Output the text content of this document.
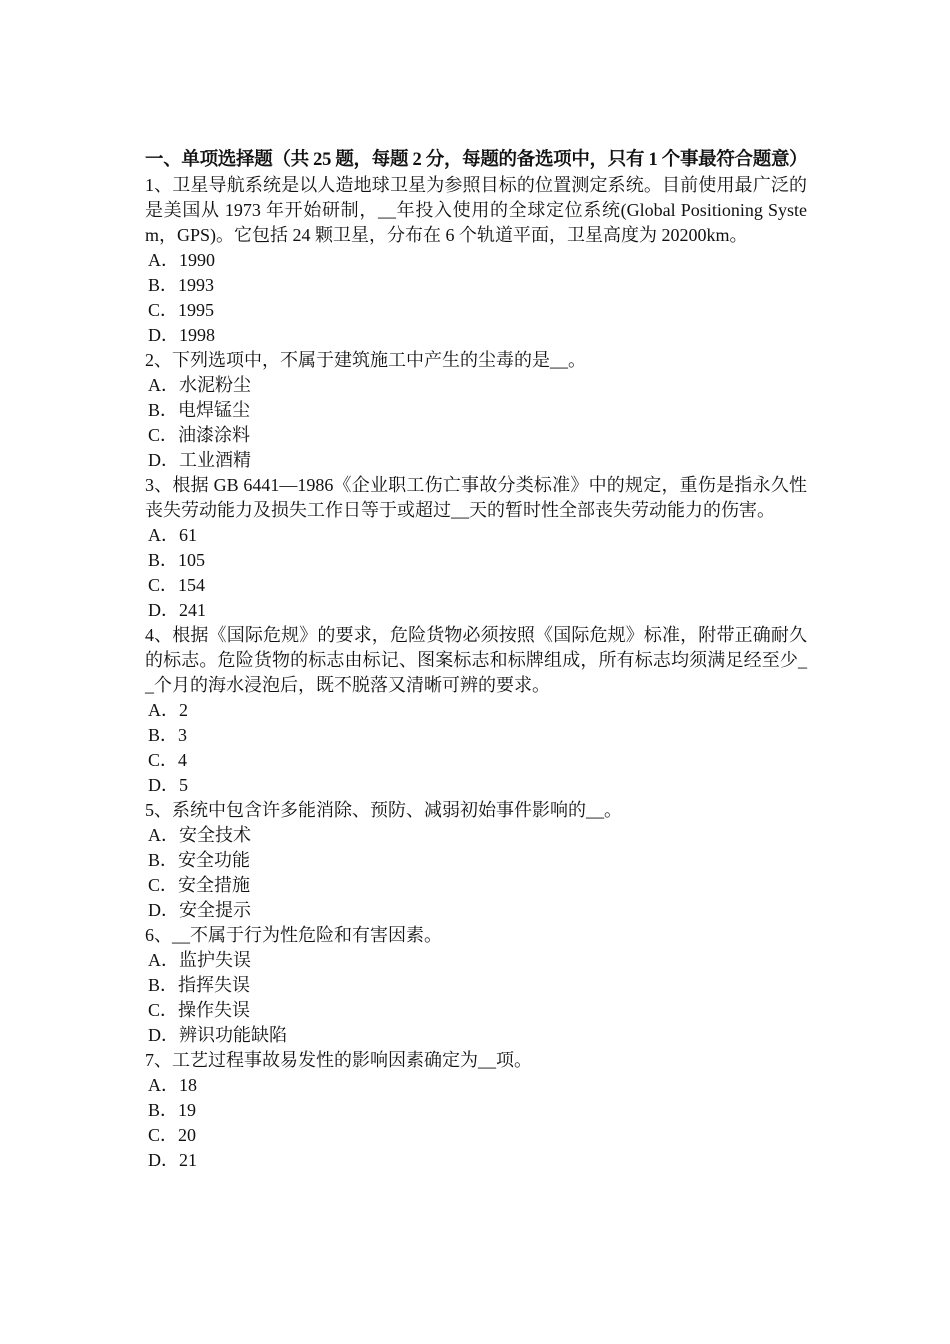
一、单项选择题（共 25 题，每题 2 分，每题的备选项中，只有 1 个事最符合题意）
1、卫星导航系统是以人造地球卫星为参照目标的位置测定系统。目前使用最广泛的是美国从 1973 年开始研制，__年投入使用的全球定位系统(Global Positioning System，GPS)。它包括 24 颗卫星，分布在 6 个轨道平面，卫星高度为 20200km。
A．1990
B．1993
C．1995
D．1998
2、下列选项中，不属于建筑施工中产生的尘毒的是__。
A．水泥粉尘
B．电焊锰尘
C．油漆涂料
D．工业酒精
3、根据 GB 6441—1986《企业职工伤亡事故分类标准》中的规定，重伤是指永久性丧失劳动能力及损失工作日等于或超过__天的暂时性全部丧失劳动能力的伤害。
A．61
B．105
C．154
D．241
4、根据《国际危规》的要求，危险货物必须按照《国际危规》标准，附带正确耐久的标志。危险货物的标志由标记、图案标志和标牌组成，所有标志均须满足经至少__个月的海水浸泡后，既不脱落又清晰可辨的要求。
A．2
B．3
C．4
D．5
5、系统中包含许多能消除、预防、减弱初始事件影响的__。
A．安全技术
B．安全功能
C．安全措施
D．安全提示
6、__不属于行为性危险和有害因素。
A．监护失误
B．指挥失误
C．操作失误
D．辨识功能缺陷
7、工艺过程事故易发性的影响因素确定为__项。
A．18
B．19
C．20
D．21
